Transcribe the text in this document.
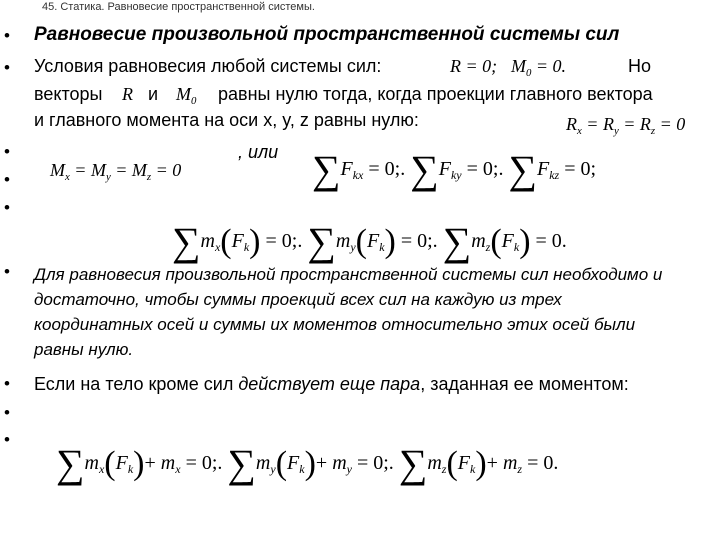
45. Статика. Равновесие пространственной системы.
•
•
•
•
•
•
•
•
•
Равновесие произвольной пространственной системы сил
Условия равновесия любой системы сил:	R = 0; $M_0 = 0$.	Но
векторы R и $M_0$ равны нулю тогда, когда проекции главного вектора
и главного момента на оси x, y, z равны нулю:	$R_x = R_y = R_z = 0$
$M_x = M_y = M_z = 0$
, или $\sum F_{kx} = 0$;. $\sum F_{ky} = 0$;. $\sum F_{kz} = 0$;
$\sum m_x(F_k) = 0$;. $\sum m_y(F_k) = 0$;. $\sum m_z(F_k) = 0$.
Для равновесия произвольной пространственной системы сил необходимо и достаточно, чтобы суммы проекций всех сил на каждую из трех координатных осей и суммы их моментов относительно этих осей были равны нулю.
Если на тело кроме сил действует еще пара, заданная ее моментом:
$\sum m_x(F_k)+ m_x = 0$;. $\sum m_y(F_k)+ m_y = 0$;. $\sum m_z(F_k)+ m_z = 0$.
